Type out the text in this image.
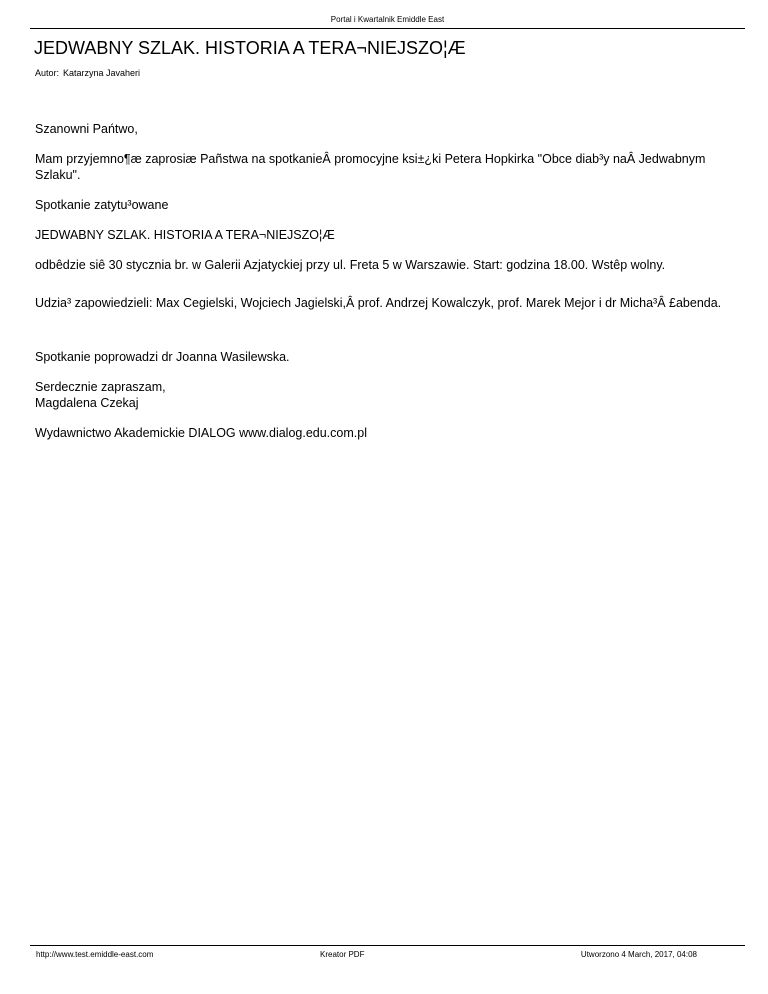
Portal i Kwartalnik Emiddle East
JEDWABNY SZLAK. HISTORIA A TERA¬NIEJSZO¦Æ
Autor: Katarzyna Javaheri

Szanowni Pańtwo,

Mam przyjemno¶æ zaprosiæ Pañstwa na spotkanieÂ promocyjne ksi±¿ki Petera Hopkirka "Obce diab³y naÂ Jedwabnym Szlaku".

Spotkanie zatytu³owane

JEDWABNY SZLAK. HISTORIA A TERA¬NIEJSZO¦Æ

odbêdzie siê 30 stycznia br. w Galerii Azjatyckiej przy ul. Freta 5 w Warszawie. Start: godzina 18.00. Wstêp wolny.

Udzia³ zapowiedzieli: Max Cegielski, Wojciech Jagielski,Â prof. Andrzej Kowalczyk, prof. Marek Mejor i dr Micha³Â £abenda.

Spotkanie poprowadzi dr Joanna Wasilewska.

Serdecznie zapraszam,

Magdalena Czekaj

Wydawnictwo Akademickie DIALOG www.dialog.edu.com.pl

http://www.test.emiddle-east.com	Kreator PDF	Utworzono 4 March, 2017, 04:08
